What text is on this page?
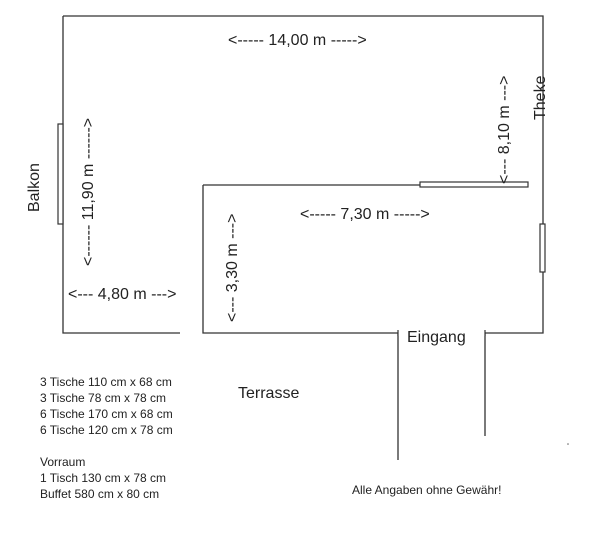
<----- 14,00 m ----->
<------ 11,90 m ------>	<----- 7,30 m ----->
<--- 4,80 m --->	<--- 3,30 m --->
<--- 8,10 m --->
Balkon
Theke
Eingang
Terrasse
Alle Angaben ohne Gewähr!
3 Tische 110 cm x 68 cm
3 Tische 78 cm x 78 cm
6 Tische 170 cm x 68 cm
6 Tische 120 cm x 78 cm
Vorraum
1 Tisch 130 cm x 78 cm
Buffet 580 cm x 80 cm
